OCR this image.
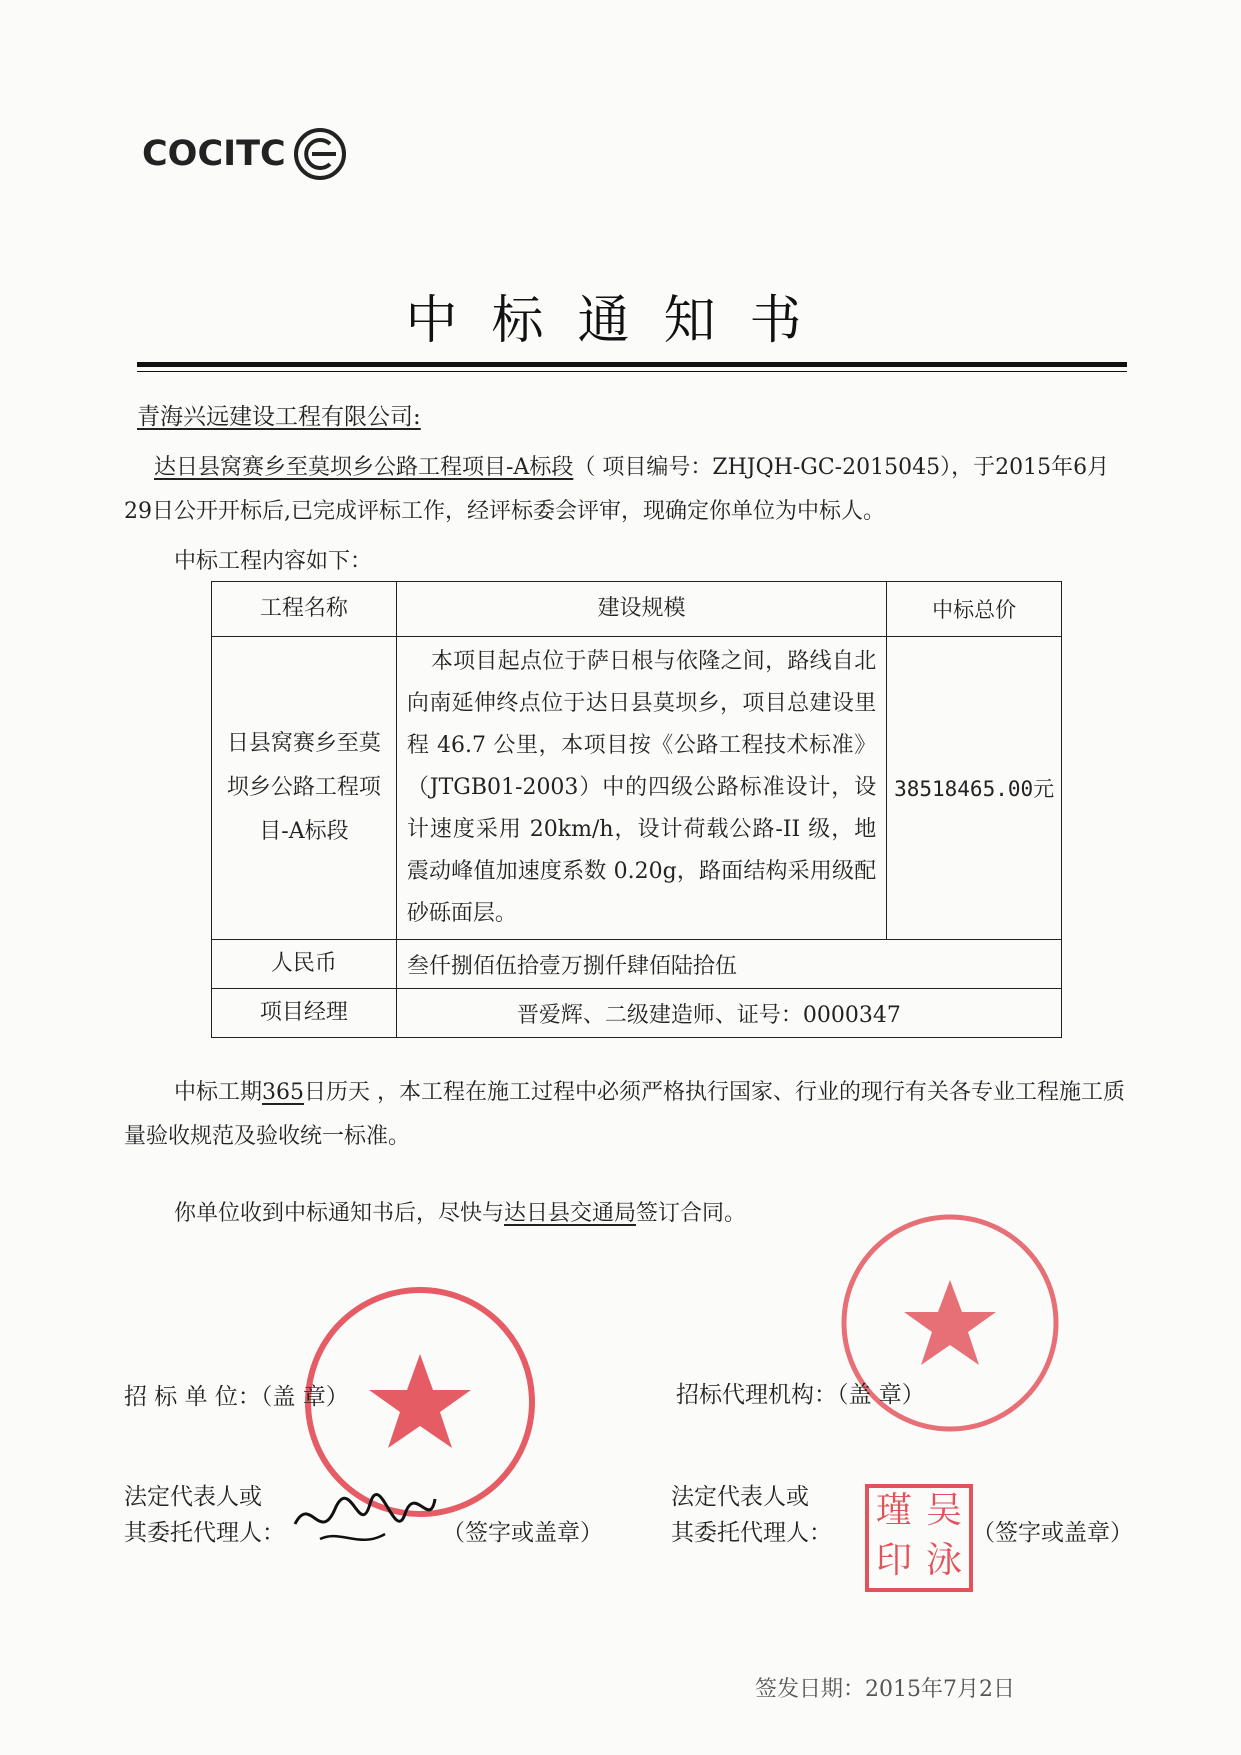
COCITC
中标通知书
青海兴远建设工程有限公司:
达日县窝赛乡至莫坝乡公路工程项目-A标段（ 项目编号：ZHJQH-GC-2015045），于2015年6月29日公开开标后,已完成评标工作，经评标委会评审，现确定你单位为中标人。
中标工程内容如下：
工程名称	建设规模	中标总价
日县窝赛乡至莫坝乡公路工程项目-A标段	本项目起点位于萨日根与依隆之间，路线自北向南延伸终点位于达日县莫坝乡，项目总建设里程 46.7 公里，本项目按《公路工程技术标准》（JTGB01-2003）中的四级公路标准设计，设计速度采用 20km/h，设计荷载公路-II 级，地震动峰值加速度系数 0.20g，路面结构采用级配砂砾面层。	38518465.00元
人民币	叁仟捌佰伍拾壹万捌仟肆佰陆拾伍	
项目经理	晋爱辉、二级建造师、证号：0000347	
中标工期365日历天 ，本工程在施工过程中必须严格执行国家、行业的现行有关各专业工程施工质量验收规范及验收统一标准。
你单位收到中标通知书后，尽快与达日县交通局签订合同。
瑾 吴
印 泳
招 标 单 位：（盖 章）	招标代理机构：（盖 章）
法定代表人或
其委托代理人：	（签字或盖章）
法定代表人或
其委托代理人：	（签字或盖章）
签发日期：2015年7月2日
